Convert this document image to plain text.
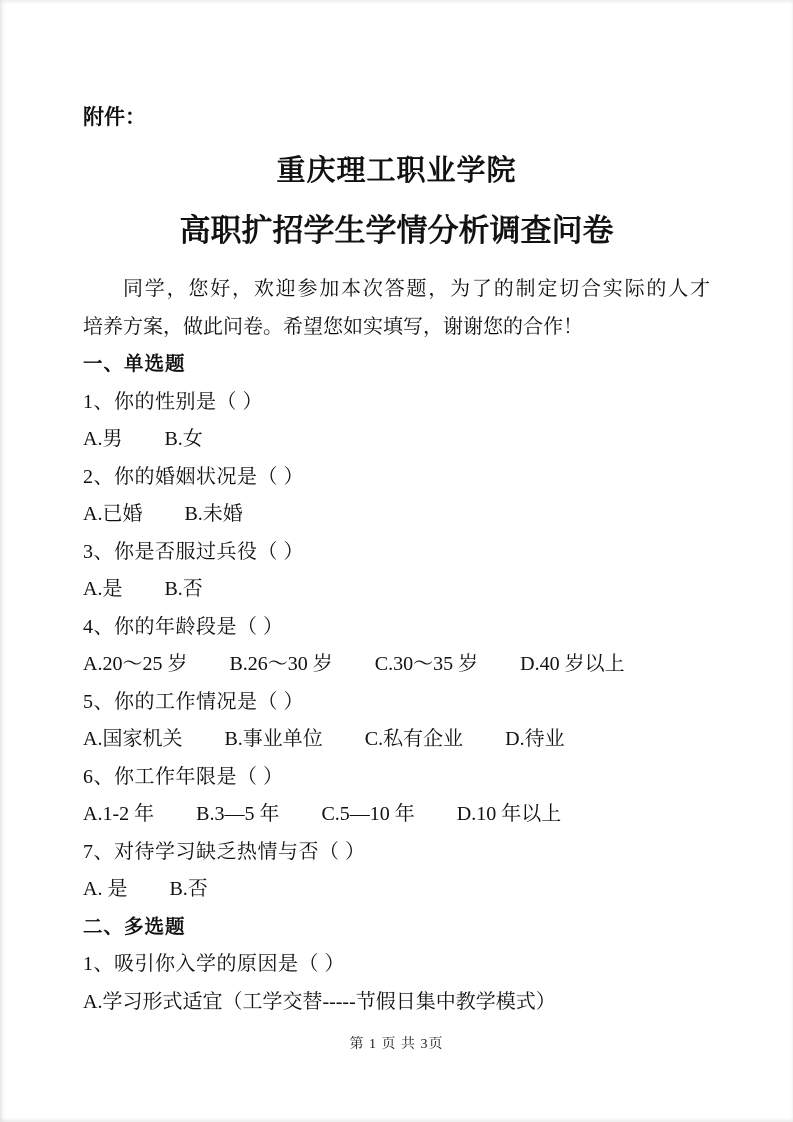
附件：
重庆理工职业学院
高职扩招学生学情分析调查问卷
同学，您好，欢迎参加本次答题，为了的制定切合实际的人才
培养方案，做此问卷。希望您如实填写，谢谢您的合作！
一、单选题
1、你的性别是（ ）
A.男 B.女
2、你的婚姻状况是（ ）
A.已婚 B.未婚
3、你是否服过兵役（ ）
A.是 B.否
4、你的年龄段是（ ）
A.20～25 岁 B.26～30 岁 C.30～35 岁 D.40 岁以上
5、你的工作情况是（ ）
A.国家机关 B.事业单位 C.私有企业 D.待业
6、你工作年限是（ ）
A.1-2 年 B.3—5 年 C.5—10 年 D.10 年以上
7、对待学习缺乏热情与否（ ）
A. 是 B.否
二、多选题
1、吸引你入学的原因是（ ）
A.学习形式适宜（工学交替-----节假日集中教学模式）
第 1 页 共 3页
